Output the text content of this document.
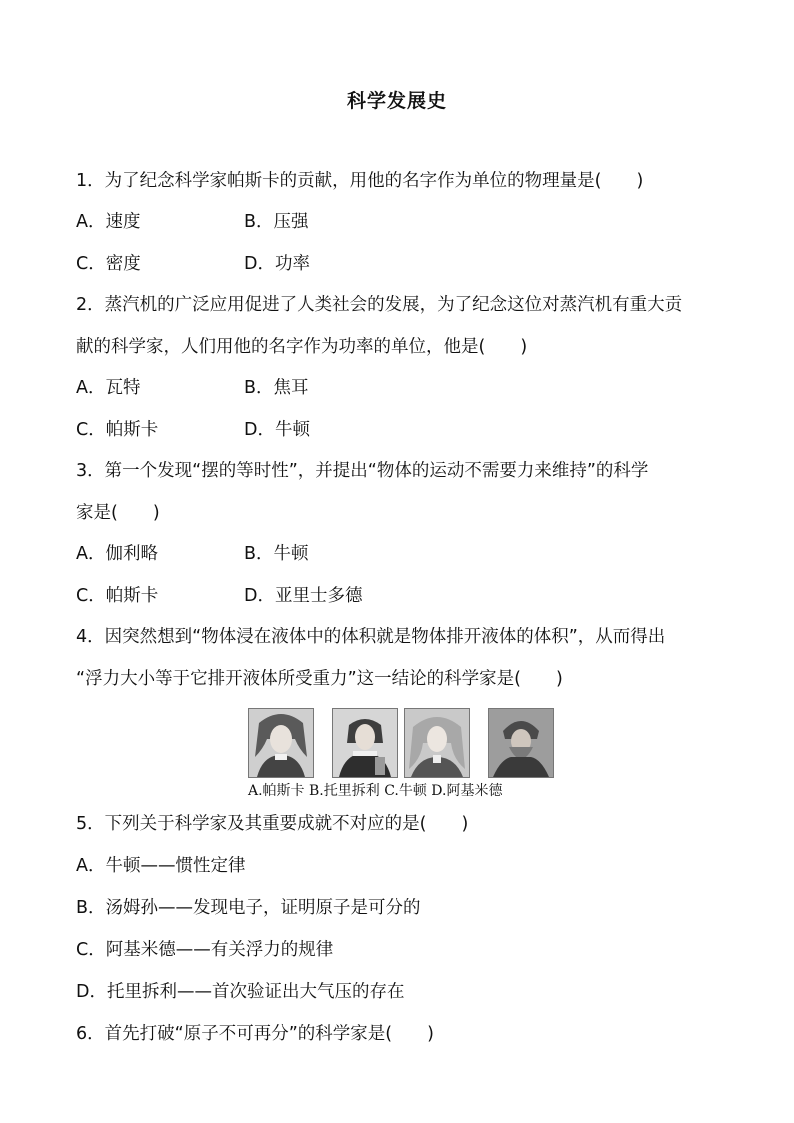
科学发展史
1．为了纪念科学家帕斯卡的贡献，用他的名字作为单位的物理量是(　　)
A．速度	B．压强
C．密度	D．功率
2．蒸汽机的广泛应用促进了人类社会的发展，为了纪念这位对蒸汽机有重大贡
献的科学家，人们用他的名字作为功率的单位，他是(　　)
A．瓦特	B．焦耳
C．帕斯卡	D．牛顿
3．第一个发现“摆的等时性”，并提出“物体的运动不需要力来维持”的科学
家是(　　)
A．伽利略	B．牛顿
C．帕斯卡	D．亚里士多德
4．因突然想到“物体浸在液体中的体积就是物体排开液体的体积”，从而得出
“浮力大小等于它排开液体所受重力”这一结论的科学家是(　　)
A.帕斯卡 B.托里拆利 C.牛顿 D.阿基米德
5．下列关于科学家及其重要成就不对应的是(　　)
A．牛顿——惯性定律
B．汤姆孙——发现电子，证明原子是可分的
C．阿基米德——有关浮力的规律
D．托里拆利——首次验证出大气压的存在
6．首先打破“原子不可再分”的科学家是(　　)
